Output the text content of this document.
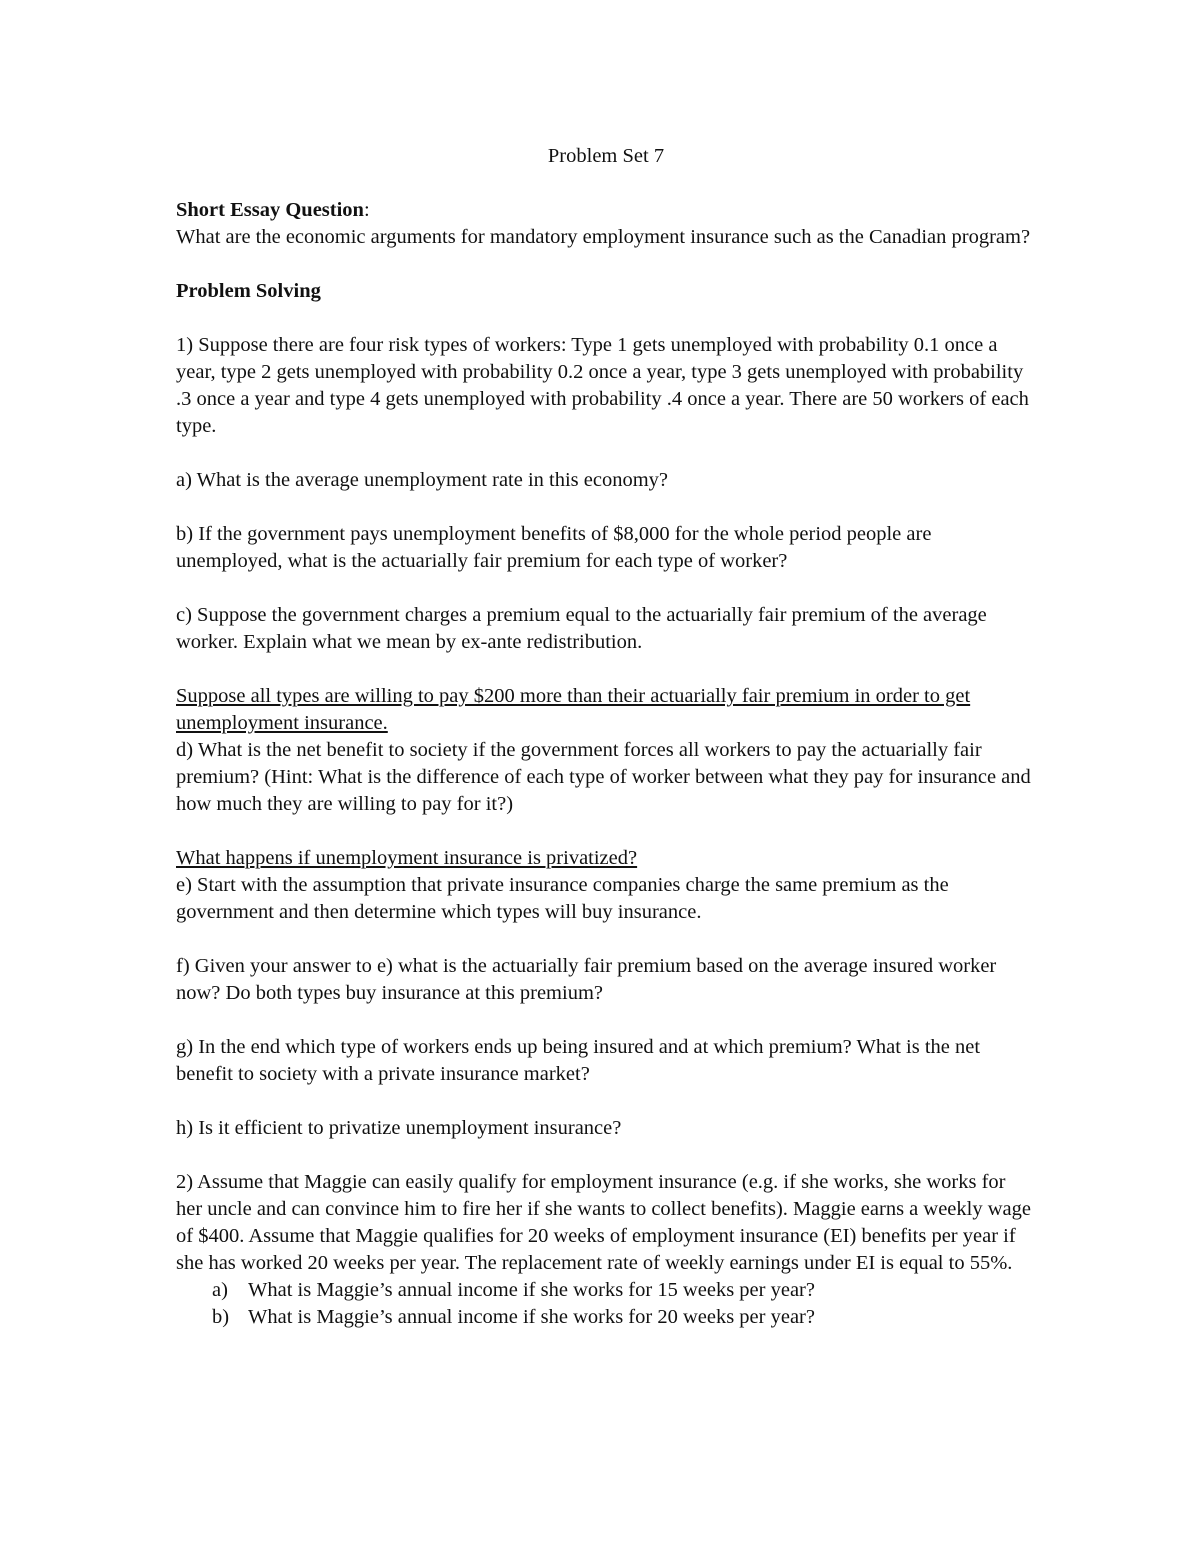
Problem Set 7

Short Essay Question:

What are the economic arguments for mandatory employment insurance such as the Canadian program?

Problem Solving

1) Suppose there are four risk types of workers: Type 1 gets unemployed with probability 0.1 once a year, type 2 gets unemployed with probability 0.2 once a year, type 3 gets unemployed with probability .3 once a year and type 4 gets unemployed with probability .4 once a year. There are 50 workers of each type.

a) What is the average unemployment rate in this economy?

b) If the government pays unemployment benefits of $8,000 for the whole period people are unemployed, what is the actuarially fair premium for each type of worker?

c) Suppose the government charges a premium equal to the actuarially fair premium of the average worker. Explain what we mean by ex-ante redistribution.

Suppose all types are willing to pay $200 more than their actuarially fair premium in order to get unemployment insurance.

d) What is the net benefit to society if the government forces all workers to pay the actuarially fair premium? (Hint: What is the difference of each type of worker between what they pay for insurance and how much they are willing to pay for it?)

What happens if unemployment insurance is privatized?

e) Start with the assumption that private insurance companies charge the same premium as the government and then determine which types will buy insurance.

f) Given your answer to e) what is the actuarially fair premium based on the average insured worker now? Do both types buy insurance at this premium?

g) In the end which type of workers ends up being insured and at which premium? What is the net benefit to society with a private insurance market?

h) Is it efficient to privatize unemployment insurance?

2) Assume that Maggie can easily qualify for employment insurance (e.g. if she works, she works for her uncle and can convince him to fire her if she wants to collect benefits). Maggie earns a weekly wage of $400. Assume that Maggie qualifies for 20 weeks of employment insurance (EI) benefits per year if she has worked 20 weeks per year. The replacement rate of weekly earnings under EI is equal to 55%.

a) What is Maggie’s annual income if she works for 15 weeks per year?

b) What is Maggie’s annual income if she works for 20 weeks per year?
